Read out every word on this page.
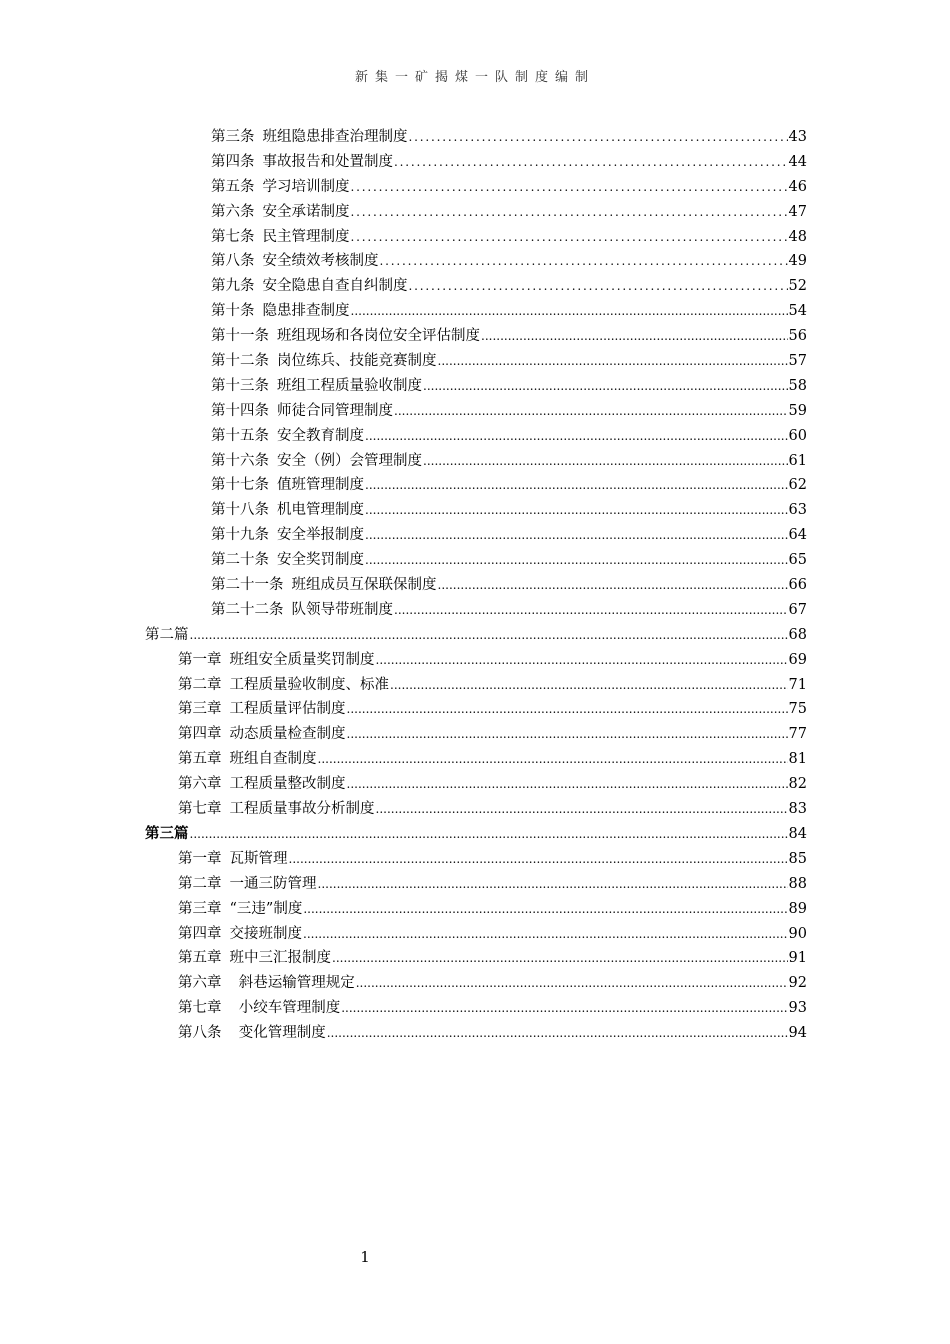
新集一矿揭煤一队制度编制
第三条 班组隐患排查治理制度 . . .	43
第四条 事故报告和处置制度 . . .	44
第五条 学习培训制度 . . .	46
第六条 安全承诺制度 . . .	47
第七条 民主管理制度 . . .	48
第八条 安全绩效考核制度 . . .	49
第九条 安全隐患自查自纠制度 . . .	52
第十条 隐患排查制度 .....	54
第十一条 班组现场和各岗位安全评估制度 .....	56
第十二条 岗位练兵、技能竞赛制度 .....	57
第十三条 班组工程质量验收制度 .....	58
第十四条 师徒合同管理制度 .....	59
第十五条 安全教育制度 .....	60
第十六条 安全（例）会管理制度 .....	61
第十七条 值班管理制度 .....	62
第十八条 机电管理制度 .....	63
第十九条 安全举报制度 .....	64
第二十条 安全奖罚制度 .....	65
第二十一条 班组成员互保联保制度 .....	66
第二十二条 队领导带班制度 .....	67
第二篇 .....	68
第一章 班组安全质量奖罚制度 .....	69
第二章 工程质量验收制度、标准 .....	71
第三章 工程质量评估制度 .....	75
第四章 动态质量检查制度 .....	77
第五章 班组自查制度 .....	81
第六章 工程质量整改制度 .....	82
第七章 工程质量事故分析制度 .....	83
第三篇 .....	84
第一章 瓦斯管理 .....	85
第二章 一通三防管理 .....	88
第三章 “三违”制度 .....	89
第四章 交接班制度 .....	90
第五章 班中三汇报制度 .....	91
第六章 斜巷运输管理规定 .....	92
第七章 小绞车管理制度 .....	93
第八条 变化管理制度 .....	94
1
